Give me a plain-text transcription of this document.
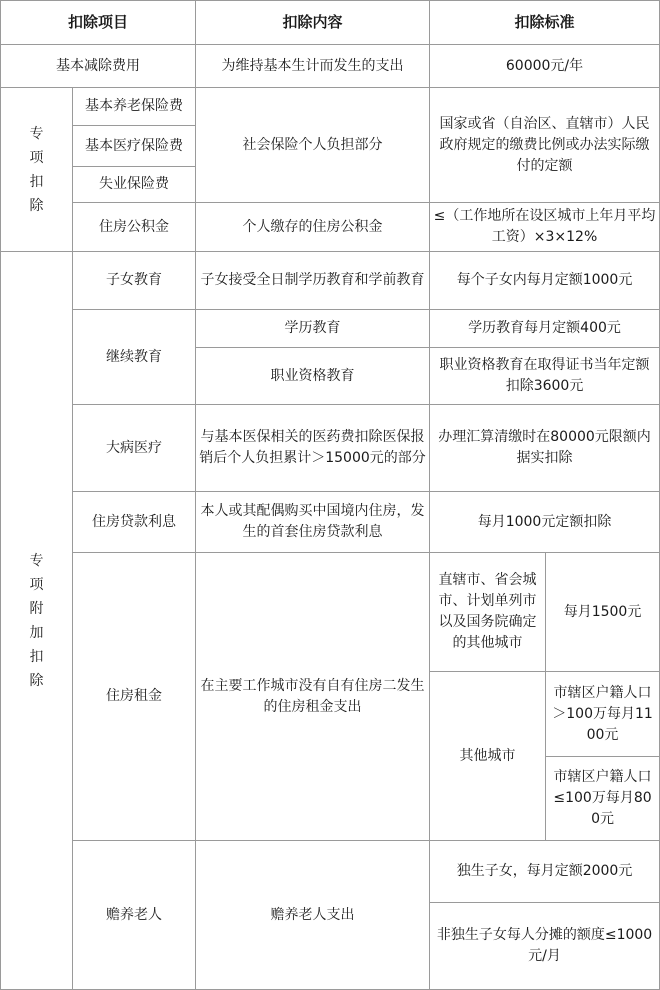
扣除项目		扣除内容	扣除标准	
基本减除费用		为维持基本生计而发生的支出	60000元/年	
专项扣除	基本养老保险费	社会保险个人负担部分	国家或省（自治区、直辖市）人民政府规定的缴费比例或办法实际缴付的定额	
	基本医疗保险费			
	失业保险费			
	住房公积金	个人缴存的住房公积金	≤（工作地所在设区城市上年月平均工资）×3×12%	
专项附加扣除	子女教育	子女接受全日制学历教育和学前教育	每个子女内每月定额1000元	
	继续教育	学历教育	学历教育每月定额400元	
		职业资格教育	职业资格教育在取得证书当年定额扣除3600元	
	大病医疗	与基本医保相关的医药费扣除医保报销后个人负担累计＞15000元的部分	办理汇算清缴时在80000元限额内据实扣除	
	住房贷款利息	本人或其配偶购买中国境内住房，发生的首套住房贷款利息	每月1000元定额扣除	
	住房租金	在主要工作城市没有自有住房二发生的住房租金支出	直辖市、省会城市、计划单列市以及国务院确定的其他城市	每月1500元
			其他城市	市辖区户籍人口＞100万每月1100元
				市辖区户籍人口≤100万每月800元
	赡养老人	赡养老人支出	独生子女，每月定额2000元	
			非独生子女每人分摊的额度≤1000元/月	
